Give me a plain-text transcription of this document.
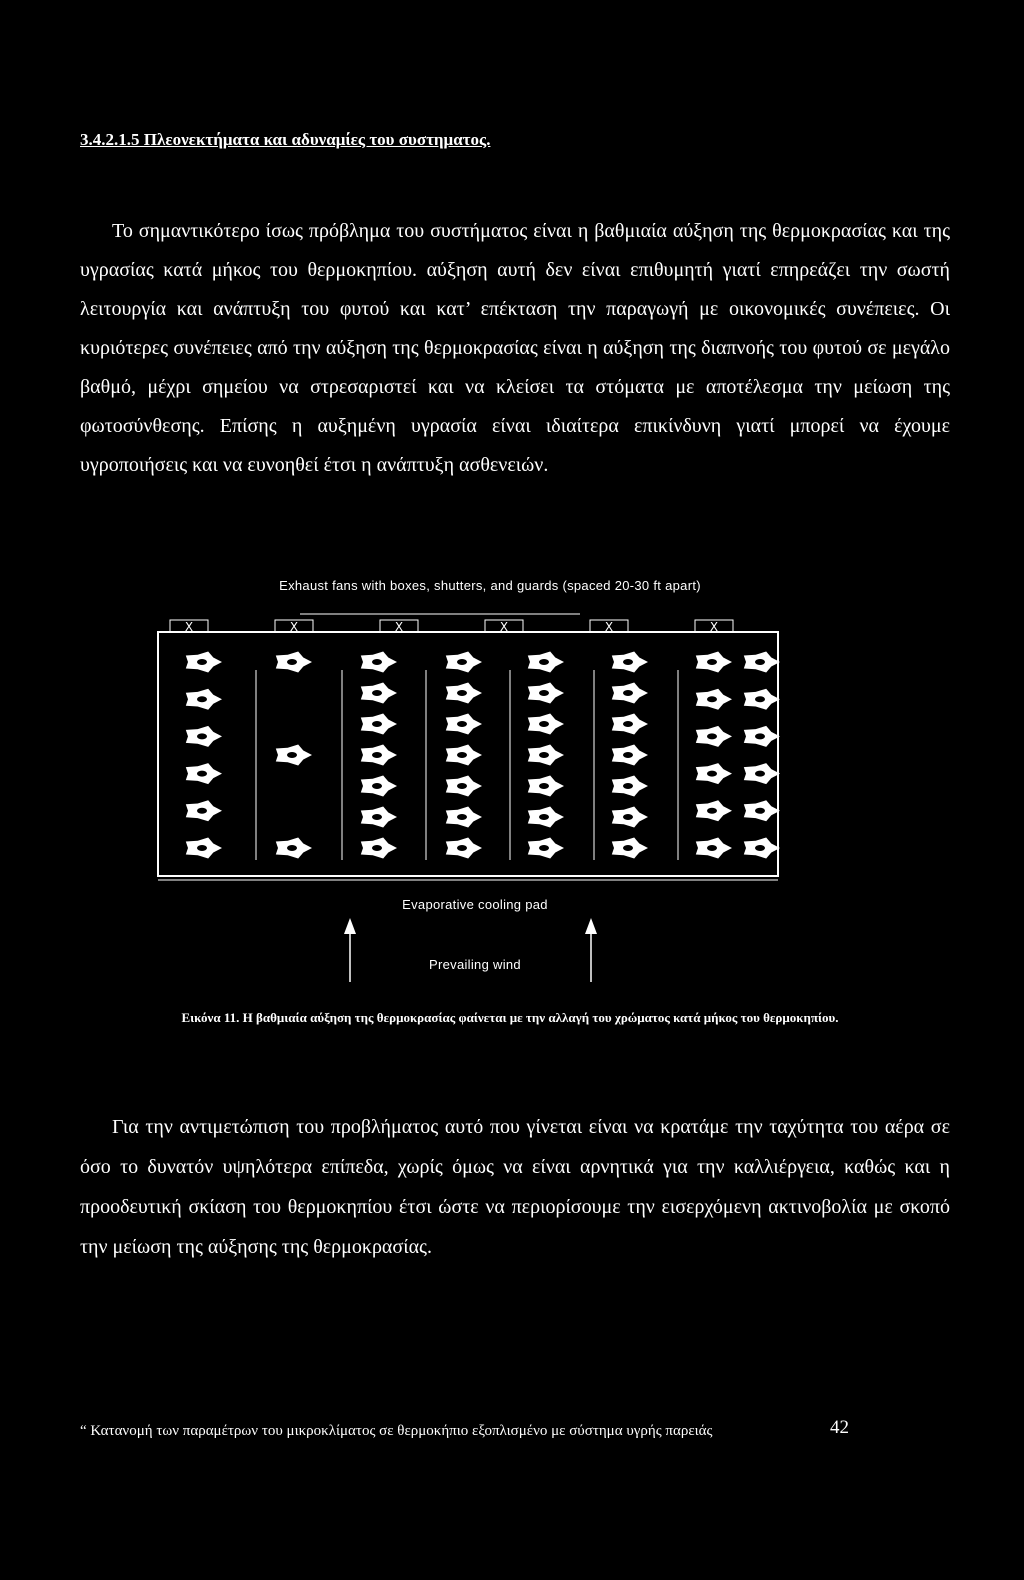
3.4.2.1.5 Πλεονεκτήματα και αδυναμίες του συστηματος.

Το σημαντικότερο ίσως πρόβλημα του συστήματος είναι η βαθμιαία αύξηση της θερμοκρασίας και της υγρασίας κατά μήκος του θερμοκηπίου. αύξηση αυτή δεν είναι επιθυμητή γιατί επηρεάζει την σωστή λειτουργία και ανάπτυξη του φυτού και κατ’ επέκταση την παραγωγή με οικονομικές συνέπειες. Οι κυριότερες συνέπειες από την αύξηση της θερμοκρασίας είναι η αύξηση της διαπνοής του φυτού σε μεγάλο βαθμό, μέχρι σημείου να στρεσαριστεί και να κλείσει τα στόματα με αποτέλεσμα την μείωση της φωτοσύνθεσης. Επίσης η αυξημένη υγρασία είναι ιδιαίτερα επικίνδυνη γιατί μπορεί να έχουμε υγροποιήσεις και να ευνοηθεί έτσι η ανάπτυξη ασθενειών.

Exhaust fans with boxes, shutters, and guards (spaced 20-30 ft apart)
X	X	X	X	X	X
Evaporative cooling pad
Prevailing wind

Εικόνα 11. Η βαθμιαία αύξηση της θερμοκρασίας φαίνεται με την αλλαγή του χρώματος κατά μήκος του θερμοκηπίου.

Για την αντιμετώπιση του προβλήματος αυτό που γίνεται είναι να κρατάμε την ταχύτητα του αέρα σε όσο το δυνατόν υψηλότερα επίπεδα, χωρίς όμως να είναι αρνητικά για την καλλιέργεια, καθώς και η προοδευτική σκίαση του θερμοκηπίου έτσι ώστε να περιορίσουμε την εισερχόμενη ακτινοβολία με σκοπό την μείωση της αύξησης της θερμοκρασίας.

“ Κατανομή των παραμέτρων του μικροκλίματος σε θερμοκήπιο εξοπλισμένο με σύστημα υγρής παρειάς	42
